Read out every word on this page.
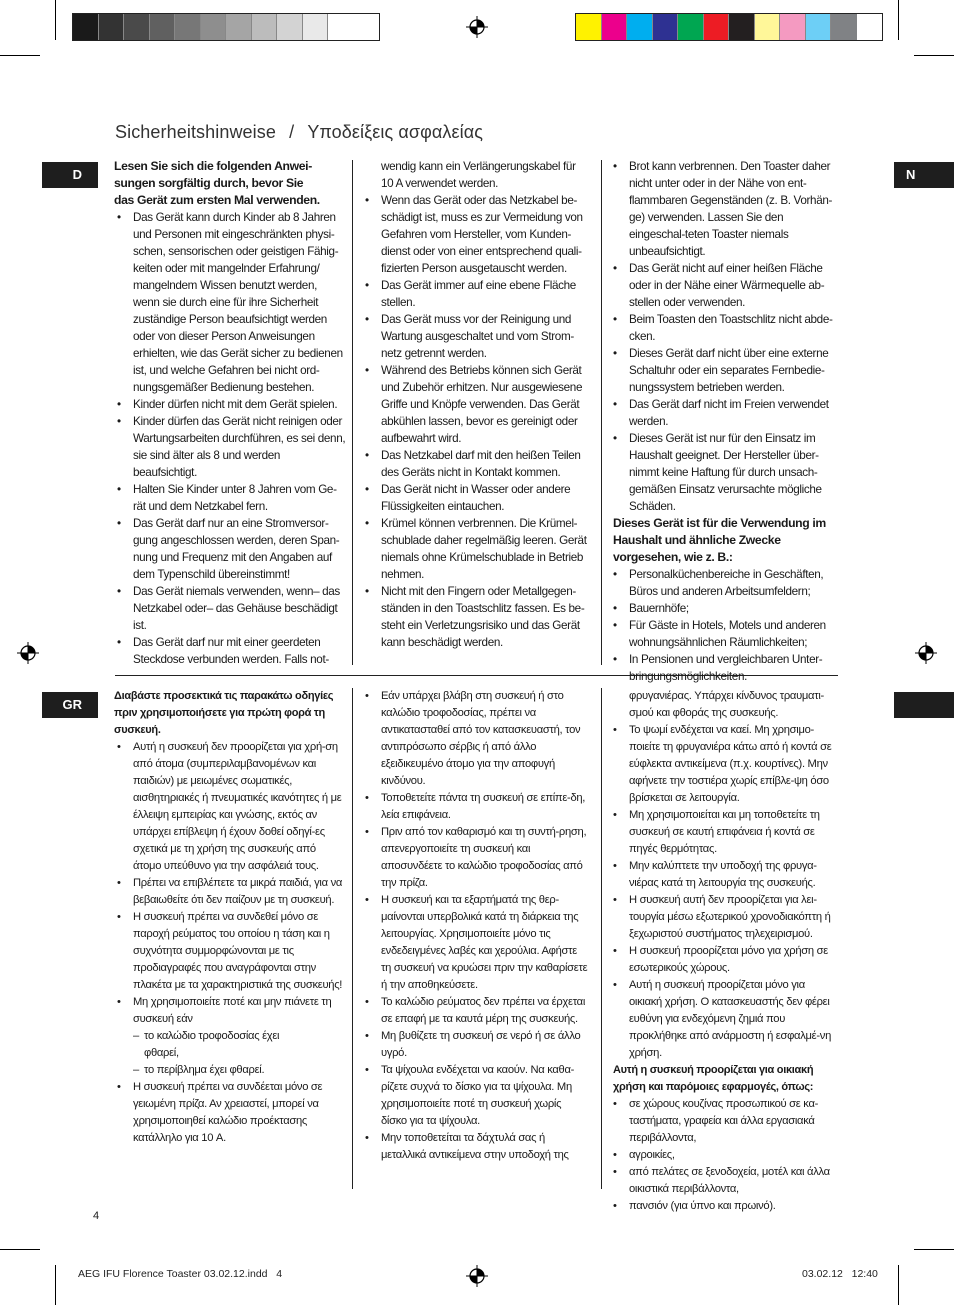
Sicherheitshinweise / Υποδείξεις ασφαλείας
D	N
GR

Lesen Sie sich die folgenden Anwei-
sungen sorgfältig durch, bevor Sie
das Gerät zum ersten Mal verwenden.

• Das Gerät kann durch Kinder ab 8 Jahren und Personen mit eingeschränkten physi-schen, sensorischen oder geistigen Fähig-keiten oder mit mangelnder Erfahrung/ mangelndem Wissen benutzt werden, wenn sie durch eine für ihre Sicherheit zuständige Person beaufsichtigt werden oder von dieser Person Anweisungen erhielten, wie das Gerät sicher zu bedienen ist, und welche Gefahren bei nicht ord-nungsgemäßer Bedienung bestehen.
• Kinder dürfen nicht mit dem Gerät spielen.
• Kinder dürfen das Gerät nicht reinigen oder Wartungsarbeiten durchführen, es sei denn, sie sind älter als 8 und werden beaufsichtigt.
• Halten Sie Kinder unter 8 Jahren vom Ge-rät und dem Netzkabel fern.
• Das Gerät darf nur an eine Stromversor-gung angeschlossen werden, deren Span-nung und Frequenz mit den Angaben auf dem Typenschild übereinstimmt!
• Das Gerät niemals verwenden, wenn– das Netzkabel oder– das Gehäuse beschädigt ist.
• Das Gerät darf nur mit einer geerdeten Steckdose verbunden werden. Falls not-
wendig kann ein Verlängerungskabel für 10 A verwendet werden.
• Wenn das Gerät oder das Netzkabel be-schädigt ist, muss es zur Vermeidung von Gefahren vom Hersteller, vom Kunden-dienst oder von einer entsprechend quali-fizierten Person ausgetauscht werden.
• Das Gerät immer auf eine ebene Fläche stellen.
• Das Gerät muss vor der Reinigung und Wartung ausgeschaltet und vom Strom-netz getrennt werden.
• Während des Betriebs können sich Gerät und Zubehör erhitzen. Nur ausgewiesene Griffe und Knöpfe verwenden. Das Gerät abkühlen lassen, bevor es gereinigt oder aufbewahrt wird.
• Das Netzkabel darf mit den heißen Teilen des Geräts nicht in Kontakt kommen.
• Das Gerät nicht in Wasser oder andere Flüssigkeiten eintauchen.
• Krümel können verbrennen. Die Krümel-schublade daher regelmäßig leeren. Gerät niemals ohne Krümelschublade in Betrieb nehmen.
• Nicht mit den Fingern oder Metallgegen-ständen in den Toastschlitz fassen. Es be-steht ein Verletzungsrisiko und das Gerät kann beschädigt werden.
• Brot kann verbrennen. Den Toaster daher nicht unter oder in der Nähe von ent-flammbaren Gegenständen (z. B. Vorhän-ge) verwenden. Lassen Sie den eingeschal-teten Toaster niemals unbeaufsichtigt.
• Das Gerät nicht auf einer heißen Fläche oder in der Nähe einer Wärmequelle ab-stellen oder verwenden.
• Beim Toasten den Toastschlitz nicht abde-cken.
• Dieses Gerät darf nicht über eine externe Schaltuhr oder ein separates Fernbedie-nungssystem betrieben werden.
• Das Gerät darf nicht im Freien verwendet werden.
• Dieses Gerät ist nur für den Einsatz im Haushalt geeignet. Der Hersteller über-nimmt keine Haftung für durch unsach-gemäßen Einsatz verursachte mögliche Schäden.

Dieses Gerät ist für die Verwendung im Haushalt und ähnliche Zwecke vorgesehen, wie z. B.:

• Personalküchenbereiche in Geschäften, Büros und anderen Arbeitsumfeldern;
• Bauernhöfe;
• Für Gäste in Hotels, Motels und anderen wohnungsähnlichen Räumlichkeiten;
• In Pensionen und vergleichbaren Unter-bringungsmöglichkeiten.

Διαβάστε προσεκτικά τις παρακάτω οδηγίες πριν χρησιμοποιήσετε για πρώτη φορά τη συσκευή.

• Αυτή η συσκευή δεν προορίζεται για χρή-ση από άτομα (συμπεριλαμβανομένων και παιδιών) με μειωμένες σωματικές, αισθητηριακές ή πνευματικές ικανότητες ή με έλλειψη εμπειρίας και γνώσης, εκτός αν υπάρχει επίβλεψη ή έχουν δοθεί οδηγί-ες σχετικά με τη χρήση της συσκευής από άτομο υπεύθυνο για την ασφάλειά τους.
• Πρέπει να επιβλέπετε τα μικρά παιδιά, για να βεβαιωθείτε ότι δεν παίζουν με τη συσκευή.
• Η συσκευή πρέπει να συνδεθεί μόνο σε παροχή ρεύματος του οποίου η τάση και η συχνότητα συμμορφώνονται με τις προδιαγραφές που αναγράφονται στην πλακέτα με τα χαρακτηριστικά της συσκευής!
• Μη χρησιμοποιείτε ποτέ και μην πιάνετε τη συσκευή εάν
– το καλώδιο τροφοδοσίας έχει
φθαρεί,
– το περίβλημα έχει φθαρεί.
• Η συσκευή πρέπει να συνδέεται μόνο σε γειωμένη πρίζα. Αν χρειαστεί, μπορεί να χρησιμοποιηθεί καλώδιο προέκτασης κατάλληλο για 10 A.
• Εάν υπάρχει βλάβη στη συσκευή ή στο καλώδιο τροφοδοσίας, πρέπει να αντικατασταθεί από τον κατασκευαστή, τον αντιπρόσωπο σέρβις ή από άλλο εξειδικευμένο άτομο για την αποφυγή κινδύνου.
• Τοποθετείτε πάντα τη συσκευή σε επίπε-δη, λεία επιφάνεια.
• Πριν από τον καθαρισμό και τη συντή-ρηση, απενεργοποιείτε τη συσκευή και αποσυνδέετε το καλώδιο τροφοδοσίας από την πρίζα.
• Η συσκευή και τα εξαρτήματά της θερ-μαίνονται υπερβολικά κατά τη διάρκεια της λειτουργίας. Χρησιμοποιείτε μόνο τις ενδεδειγμένες λαβές και χερούλια. Αφήστε τη συσκευή να κρυώσει πριν την καθαρίσετε ή την αποθηκεύσετε.
• Το καλώδιο ρεύματος δεν πρέπει να έρχεται σε επαφή με τα καυτά μέρη της συσκευής.
• Μη βυθίζετε τη συσκευή σε νερό ή σε άλλο υγρό.
• Τα ψίχουλα ενδέχεται να καούν. Να καθα-ρίζετε συχνά το δίσκο για τα ψίχουλα. Μη χρησιμοποιείτε ποτέ τη συσκευή χωρίς δίσκο για τα ψίχουλα.
• Μην τοποθετείται τα δάχτυλά σας ή μεταλλικά αντικείμενα στην υποδοχή της
φρυγανιέρας. Υπάρχει κίνδυνος τραυματι-σμού και φθοράς της συσκευής.
• Το ψωμί ενδέχεται να καεί. Μη χρησιμο-ποιείτε τη φρυγανιέρα κάτω από ή κοντά σε εύφλεκτα αντικείμενα (π.χ. κουρτίνες). Μην αφήνετε την τοστιέρα χωρίς επίβλε-ψη όσο βρίσκεται σε λειτουργία.
• Μη χρησιμοποιείται και μη τοποθετείτε τη συσκευή σε καυτή επιφάνεια ή κοντά σε πηγές θερμότητας.
• Μην καλύπτετε την υποδοχή της φρυγα-νιέρας κατά τη λειτουργία της συσκευής.
• Η συσκευή αυτή δεν προορίζεται για λει-τουργία μέσω εξωτερικού χρονοδιακόπτη ή ξεχωριστού συστήματος τηλεχειρισμού.
• Η συσκευή προορίζεται μόνο για χρήση σε εσωτερικούς χώρους.
• Αυτή η συσκευή προορίζεται μόνο για οικιακή χρήση. Ο κατασκευαστής δεν φέρει ευθύνη για ενδεχόμενη ζημιά που προκλήθηκε από ανάρμοστη ή εσφαλμέ-νη χρήση.

Αυτή η συσκευή προορίζεται για οικιακή χρήση και παρόμοιες εφαρμογές, όπως:

• σε χώρους κουζίνας προσωπικού σε κα-ταστήματα, γραφεία και άλλα εργασιακά περιβάλλοντα,
• αγροικίες,
• από πελάτες σε ξενοδοχεία, μοτέλ και άλλα οικιστικά περιβάλλοντα,
• πανσιόν (για ύπνο και πρωινό).
4
AEG IFU Florence Toaster 03.02.12.indd   4	03.02.12   12:40
